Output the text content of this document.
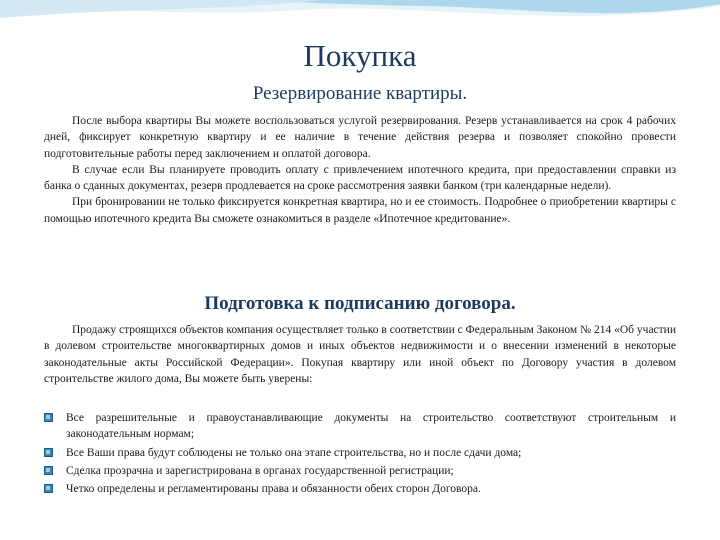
Покупка
Резервирование квартиры.

После выбора квартиры Вы можете воспользоваться услугой резервирования. Резерв устанавливается на срок 4 рабочих дней, фиксирует конкретную квартиру и ее наличие в течение действия резерва и позволяет спокойно провести подготовительные работы перед заключением и оплатой договора.

В случае если Вы планируете проводить оплату с привлечением ипотечного кредита, при предоставлении справки из банка о сданных документах, резерв продлевается на сроке рассмотрения заявки банком (три календарные недели).

При бронировании не только фиксируется конкретная квартира, но и ее стоимость. Подробнее о приобретении квартиры с помощью ипотечного кредита Вы сможете ознакомиться в разделе «Ипотечное кредитование».

Подготовка к подписанию договора.

Продажу строящихся объектов компания осуществляет только в соответствии с Федеральным Законом № 214 «Об участии в долевом строительстве многоквартирных домов и иных объектов недвижимости и о внесении изменений в некоторые законодательные акты Российской Федерации». Покупая квартиру или иной объект по Договору участия в долевом строительстве жилого дома, Вы можете быть уверены:

Все разрешительные и правоустанавливающие документы на строительство соответствуют строительным и законодательным нормам;
Все Ваши права будут соблюдены не только она этапе строительства, но и после сдачи дома;
Сделка прозрачна и зарегистрирована в органах государственной регистрации;
Четко определены и регламентированы права и обязанности обеих сторон Договора.
